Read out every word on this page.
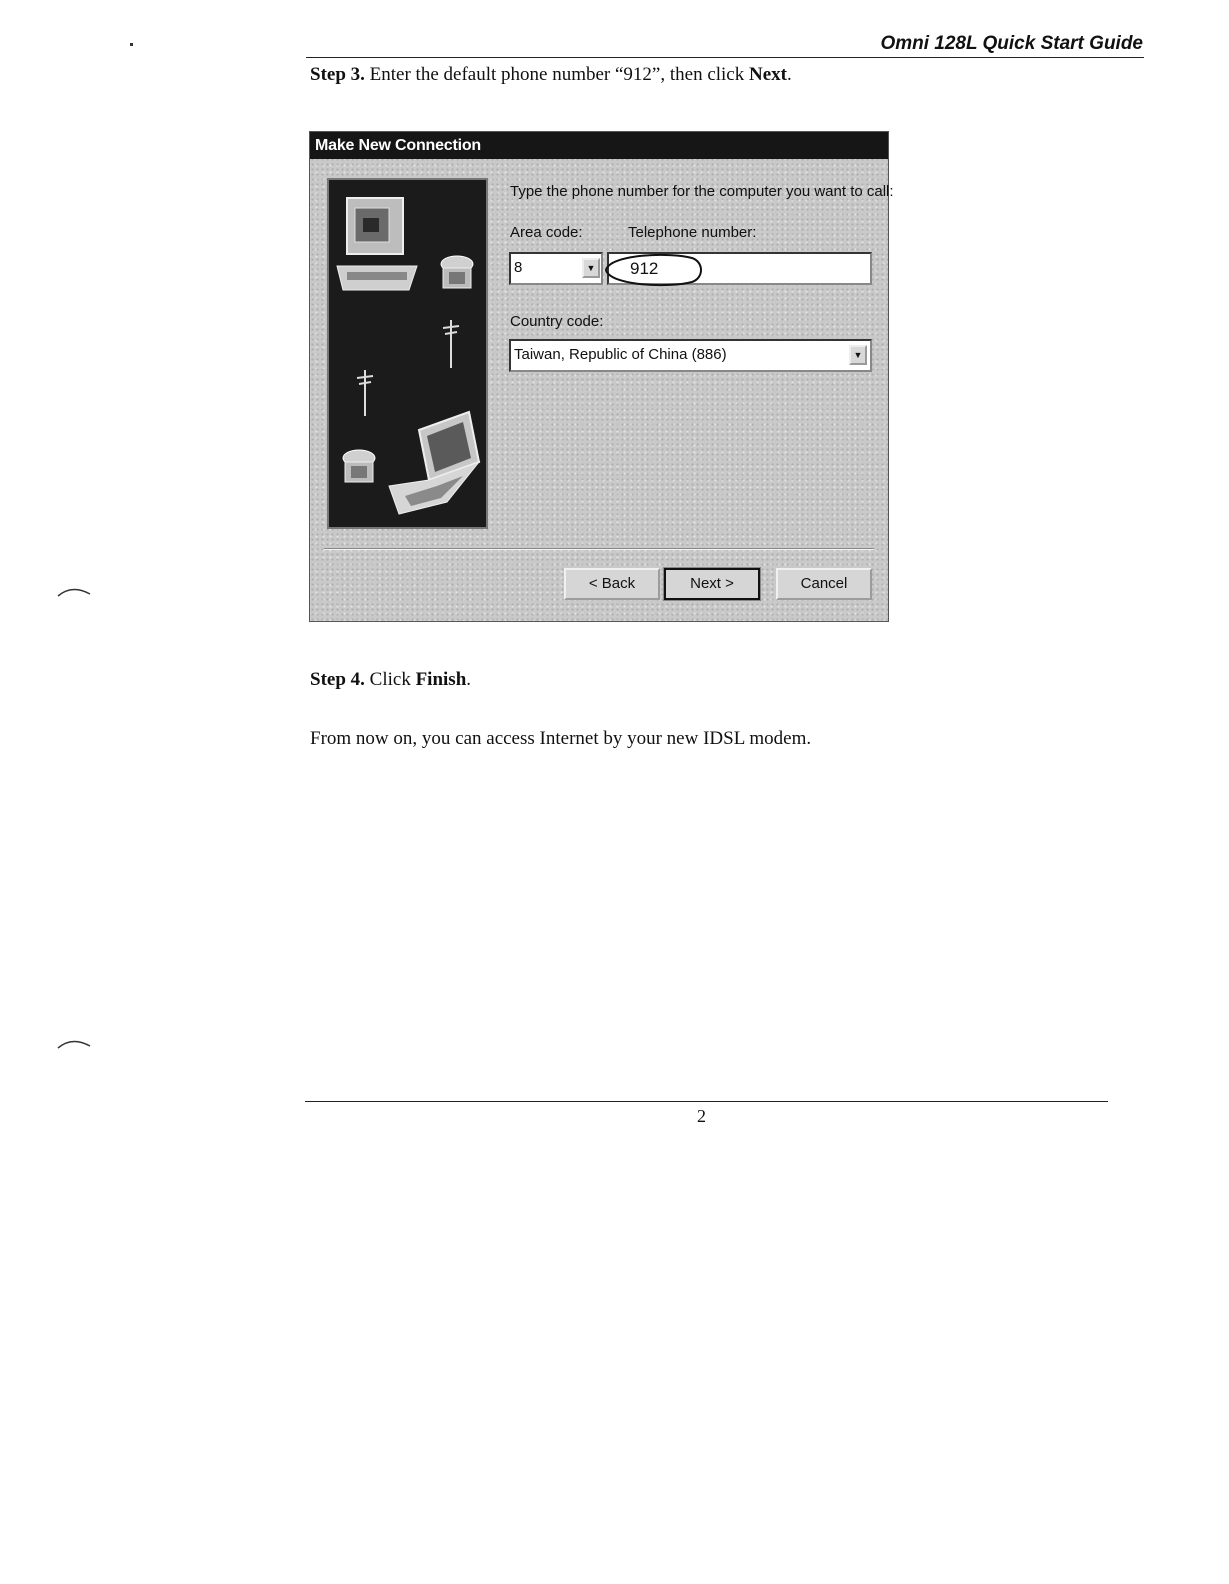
Omni 128L Quick Start Guide
Step 3. Enter the default phone number “912”, then click Next.
Make New Connection
Type the phone number for the computer you want to call:
Area code:	Telephone number:
8	▼ 912
Country code:
Taiwan, Republic of China (886)	▼
< Back	Next >	Cancel
Step 4. Click Finish.
From now on, you can access Internet by your new IDSL modem.
2
